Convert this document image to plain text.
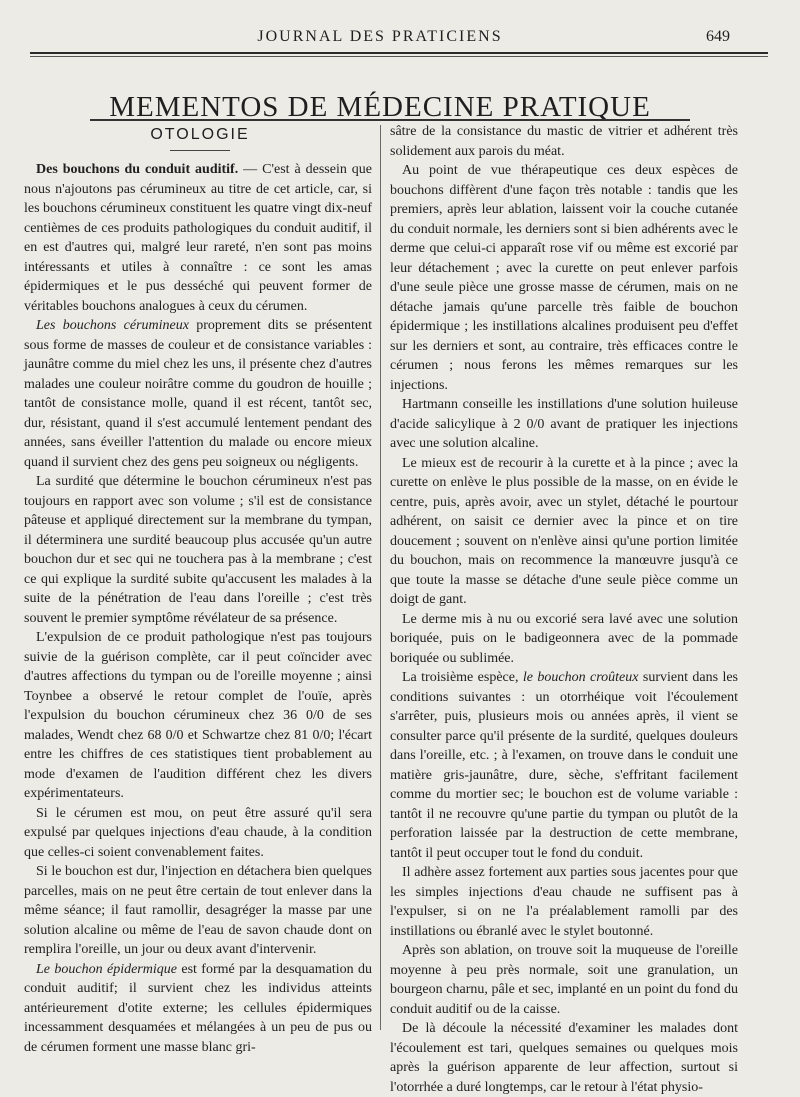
JOURNAL DES PRATICIENS	649
MEMENTOS DE MÉDECINE PRATIQUE
OTOLOGIE

Des bouchons du conduit auditif. — C'est à dessein que nous n'ajoutons pas cérumineux au titre de cet article, car, si les bouchons cérumineux constituent les quatre vingt dix-neuf centièmes de ces produits pathologiques du conduit auditif, il en est d'autres qui, malgré leur rareté, n'en sont pas moins intéressants et utiles à connaître : ce sont les amas épidermiques et le pus desséché qui peuvent former de véritables bouchons analogues à ceux du cérumen.

Les bouchons cérumineux proprement dits se présentent sous forme de masses de couleur et de consistance variables : jaunâtre comme du miel chez les uns, il présente chez d'autres malades une couleur noirâtre comme du goudron de houille ; tantôt de consistance molle, quand il est récent, tantôt sec, dur, résistant, quand il s'est accumulé lentement pendant des années, sans éveiller l'attention du malade ou encore mieux quand il survient chez des gens peu soigneux ou négligents.

La surdité que détermine le bouchon cérumineux n'est pas toujours en rapport avec son volume ; s'il est de consistance pâteuse et appliqué directement sur la membrane du tympan, il déterminera une surdité beaucoup plus accusée qu'un autre bouchon dur et sec qui ne touchera pas à la membrane ; c'est ce qui explique la surdité subite qu'accusent les malades à la suite de la pénétration de l'eau dans l'oreille ; c'est très souvent le premier symptôme révélateur de sa présence.

L'expulsion de ce produit pathologique n'est pas toujours suivie de la guérison complète, car il peut coïncider avec d'autres affections du tympan ou de l'oreille moyenne ; ainsi Toynbee a observé le retour complet de l'ouïe, après l'expulsion du bouchon cérumineux chez 36 0/0 de ses malades, Wendt chez 68 0/0 et Schwartze chez 81 0/0; l'écart entre les chiffres de ces statistiques tient probablement au mode d'examen de l'audition différent chez les divers expérimentateurs.

Si le cérumen est mou, on peut être assuré qu'il sera expulsé par quelques injections d'eau chaude, à la condition que celles-ci soient convenablement faites.

Si le bouchon est dur, l'injection en détachera bien quelques parcelles, mais on ne peut être certain de tout enlever dans la même séance; il faut ramollir, desagréger la masse par une solution alcaline ou même de l'eau de savon chaude dont on remplira l'oreille, un jour ou deux avant d'intervenir.

Le bouchon épidermique est formé par la desquamation du conduit auditif; il survient chez les individus atteints antérieurement d'otite externe; les cellules épidermiques incessamment desquamées et mélangées à un peu de pus ou de cérumen forment une masse blanc gri-

sâtre de la consistance du mastic de vitrier et adhérent très solidement aux parois du méat.

Au point de vue thérapeutique ces deux espèces de bouchons diffèrent d'une façon très notable : tandis que les premiers, après leur ablation, laissent voir la couche cutanée du conduit normale, les derniers sont si bien adhérents avec le derme que celui-ci apparaît rose vif ou même est excorié par leur détachement ; avec la curette on peut enlever parfois d'une seule pièce une grosse masse de cérumen, mais on ne détache jamais qu'une parcelle très faible de bouchon épidermique ; les instillations alcalines produisent peu d'effet sur les derniers et sont, au contraire, très efficaces contre le cérumen ; nous ferons les mêmes remarques sur les injections.

Hartmann conseille les instillations d'une solution huileuse d'acide salicylique à 2 0/0 avant de pratiquer les injections avec une solution alcaline.

Le mieux est de recourir à la curette et à la pince ; avec la curette on enlève le plus possible de la masse, on en évide le centre, puis, après avoir, avec un stylet, détaché le pourtour adhérent, on saisit ce dernier avec la pince et on tire doucement ; souvent on n'enlève ainsi qu'une portion limitée du bouchon, mais on recommence la manœuvre jusqu'à ce que toute la masse se détache d'une seule pièce comme un doigt de gant.

Le derme mis à nu ou excorié sera lavé avec une solution boriquée, puis on le badigeonnera avec de la pommade boriquée ou sublimée.

La troisième espèce, le bouchon croûteux survient dans les conditions suivantes : un otorrhéique voit l'écoulement s'arrêter, puis, plusieurs mois ou années après, il vient se consulter parce qu'il présente de la surdité, quelques douleurs dans l'oreille, etc. ; à l'examen, on trouve dans le conduit une matière gris-jaunâtre, dure, sèche, s'effritant facilement comme du mortier sec; le bouchon est de volume variable : tantôt il ne recouvre qu'une partie du tympan ou plutôt de la perforation laissée par la destruction de cette membrane, tantôt il peut occuper tout le fond du conduit.

Il adhère assez fortement aux parties sous jacentes pour que les simples injections d'eau chaude ne suffisent pas à l'expulser, si on ne l'a préalablement ramolli par des instillations ou ébranlé avec le stylet boutonné.

Après son ablation, on trouve soit la muqueuse de l'oreille moyenne à peu près normale, soit une granulation, un bourgeon charnu, pâle et sec, implanté en un point du fond du conduit auditif ou de la caisse.

De là découle la nécessité d'examiner les malades dont l'écoulement est tari, quelques semaines ou quelques mois après la guérison apparente de leur affection, surtout si l'otorrhée a duré longtemps, car le retour à l'état physio-
